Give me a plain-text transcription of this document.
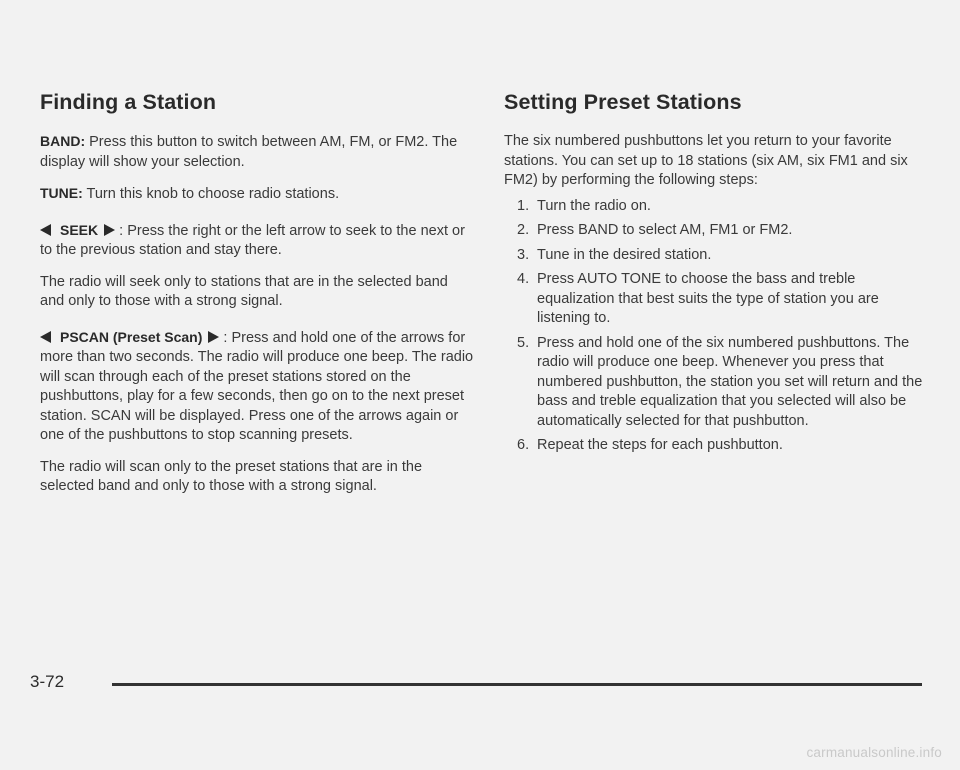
Finding a Station

BAND: Press this button to switch between AM, FM, or FM2. The display will show your selection.

TUNE: Turn this knob to choose radio stations.

SEEK : Press the right or the left arrow to seek to the next or to the previous station and stay there.

The radio will seek only to stations that are in the selected band and only to those with a strong signal.

PSCAN (Preset Scan) : Press and hold one of the arrows for more than two seconds. The radio will produce one beep. The radio will scan through each of the preset stations stored on the pushbuttons, play for a few seconds, then go on to the next preset station. SCAN will be displayed. Press one of the arrows again or one of the pushbuttons to stop scanning presets.

The radio will scan only to the preset stations that are in the selected band and only to those with a strong signal.

Setting Preset Stations

The six numbered pushbuttons let you return to your favorite stations. You can set up to 18 stations (six AM, six FM1 and six FM2) by performing the following steps:

1. Turn the radio on.
2. Press BAND to select AM, FM1 or FM2.
3. Tune in the desired station.
4. Press AUTO TONE to choose the bass and treble equalization that best suits the type of station you are listening to.
5. Press and hold one of the six numbered pushbuttons. The radio will produce one beep. Whenever you press that numbered pushbutton, the station you set will return and the bass and treble equalization that you selected will also be automatically selected for that pushbutton.
6. Repeat the steps for each pushbutton.
3-72
carmanualsonline.info
